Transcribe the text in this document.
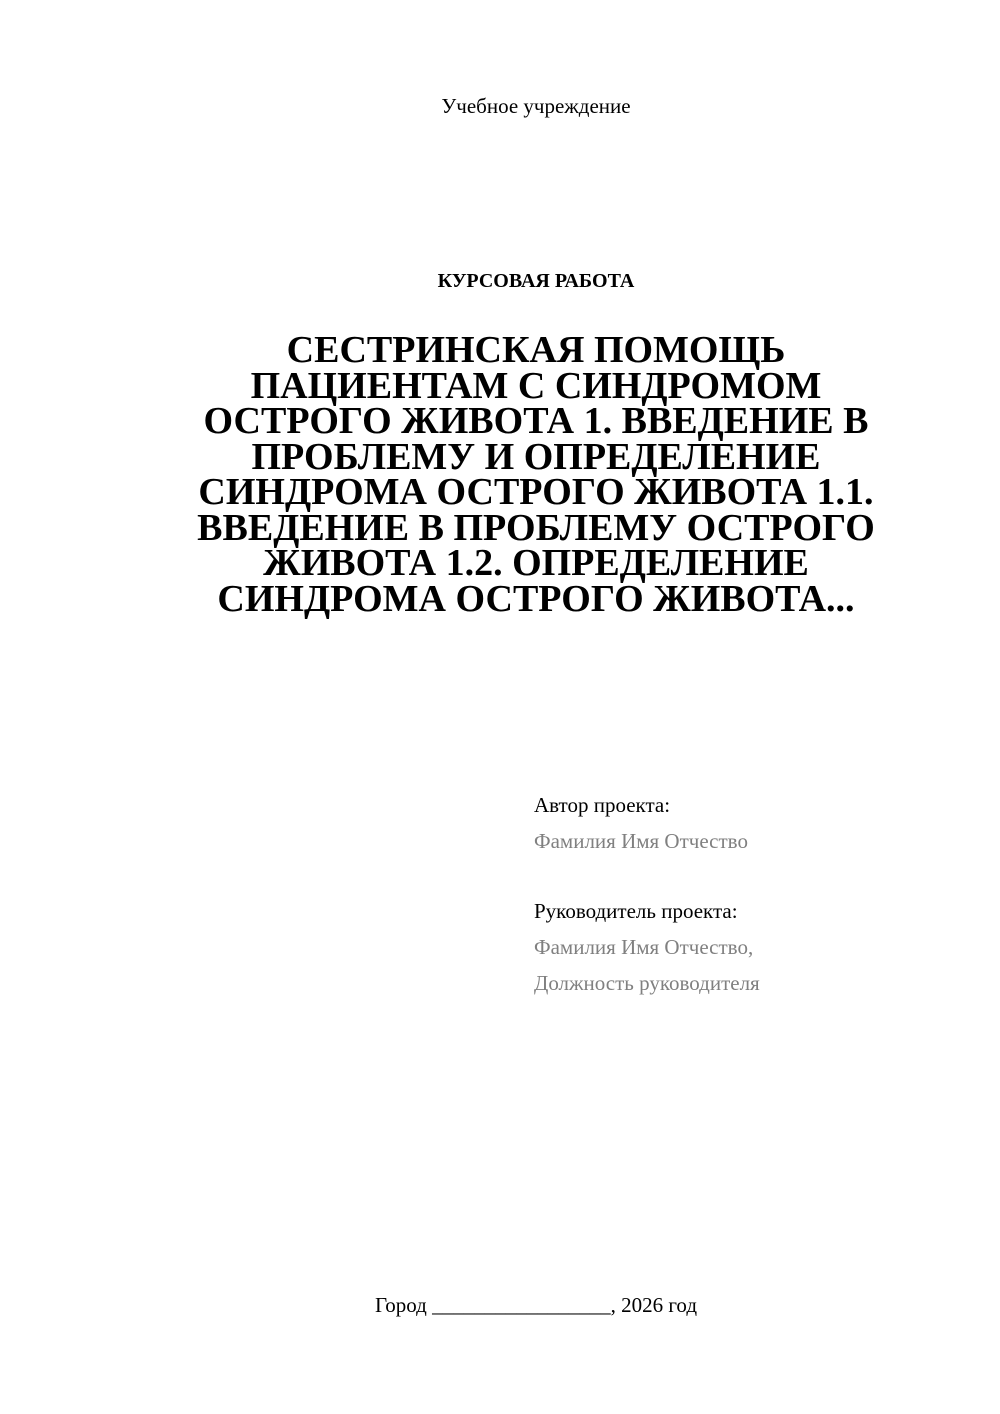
Учебное учреждение
КУРСОВАЯ РАБОТА
СЕСТРИНСКАЯ ПОМОЩЬ
ПАЦИЕНТАМ С СИНДРОМОМ
ОСТРОГО ЖИВОТА 1. ВВЕДЕНИЕ В
ПРОБЛЕМУ И ОПРЕДЕЛЕНИЕ
СИНДРОМА ОСТРОГО ЖИВОТА 1.1.
ВВЕДЕНИЕ В ПРОБЛЕМУ ОСТРОГО
ЖИВОТА 1.2. ОПРЕДЕЛЕНИЕ
СИНДРОМА ОСТРОГО ЖИВОТА...
Автор проекта:
Фамилия Имя Отчество
Руководитель проекта:
Фамилия Имя Отчество,
Должность руководителя
Город _________________, 2026 год
